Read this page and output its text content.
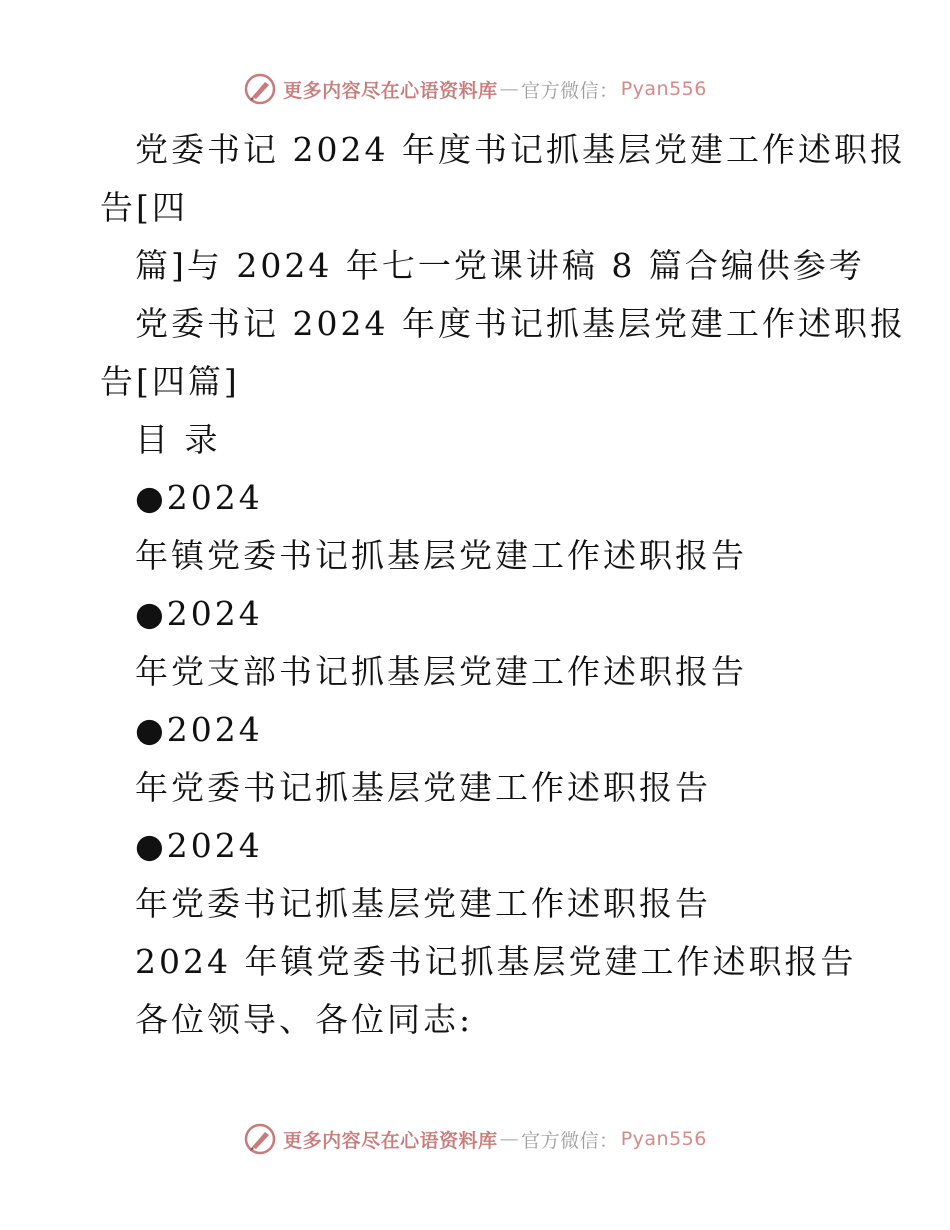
更多内容尽在心语资料库 — 官方微信： Pyan556
党委书记 2024 年度书记抓基层党建工作述职报
告[四
篇]与 2024 年七一党课讲稿 8 篇合编供参考
党委书记 2024 年度书记抓基层党建工作述职报
告[四篇]
目 录
●2024
年镇党委书记抓基层党建工作述职报告
●2024
年党支部书记抓基层党建工作述职报告
●2024
年党委书记抓基层党建工作述职报告
●2024
年党委书记抓基层党建工作述职报告
2024 年镇党委书记抓基层党建工作述职报告
各位领导、各位同志:
更多内容尽在心语资料库 — 官方微信： Pyan556
